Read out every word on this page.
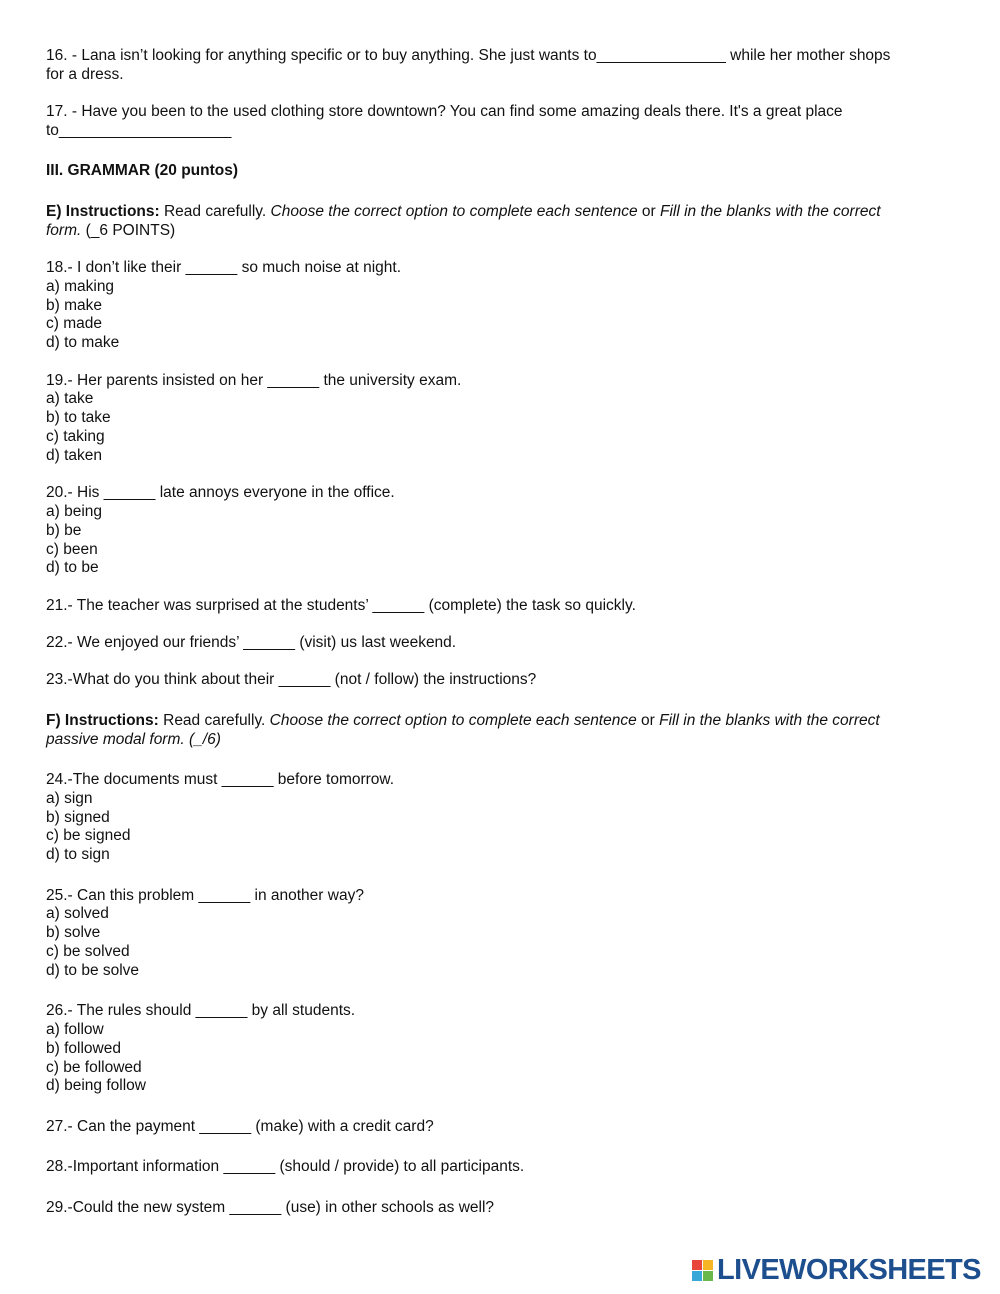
16. - Lana isn’t looking for anything specific or to buy anything. She just wants to_______________ while her mother shops

for a dress.

17. - Have you been to the used clothing store downtown? You can find some amazing deals there. It's a great place

to____________________

III. GRAMMAR (20 puntos)

E) Instructions: Read carefully. Choose the correct option to complete each sentence or Fill in the blanks with the correct

form. (_6 POINTS)

18.- I don’t like their ______ so much noise at night.

a) making

b) make

c) made

d) to make

19.- Her parents insisted on her ______ the university exam.

a) take

b) to take

c) taking

d) taken

20.- His ______ late annoys everyone in the office.

a) being

b) be

c) been

d) to be

21.- The teacher was surprised at the students’ ______ (complete) the task so quickly.

22.- We enjoyed our friends’ ______ (visit) us last weekend.

23.-What do you think about their ______ (not / follow) the instructions?

F) Instructions: Read carefully. Choose the correct option to complete each sentence or Fill in the blanks with the correct

passive modal form. (_/6)

24.-The documents must ______ before tomorrow.

a) sign

b) signed

c) be signed

d) to sign

25.- Can this problem ______ in another way?

a) solved

b) solve

c) be solved

d) to be solve

26.- The rules should ______ by all students.

a) follow

b) followed

c) be followed

d) being follow

27.- Can the payment ______ (make) with a credit card?

28.-Important information ______ (should / provide) to all participants.

29.-Could the new system ______ (use) in other schools as well?

LIVEWORKSHEETS
